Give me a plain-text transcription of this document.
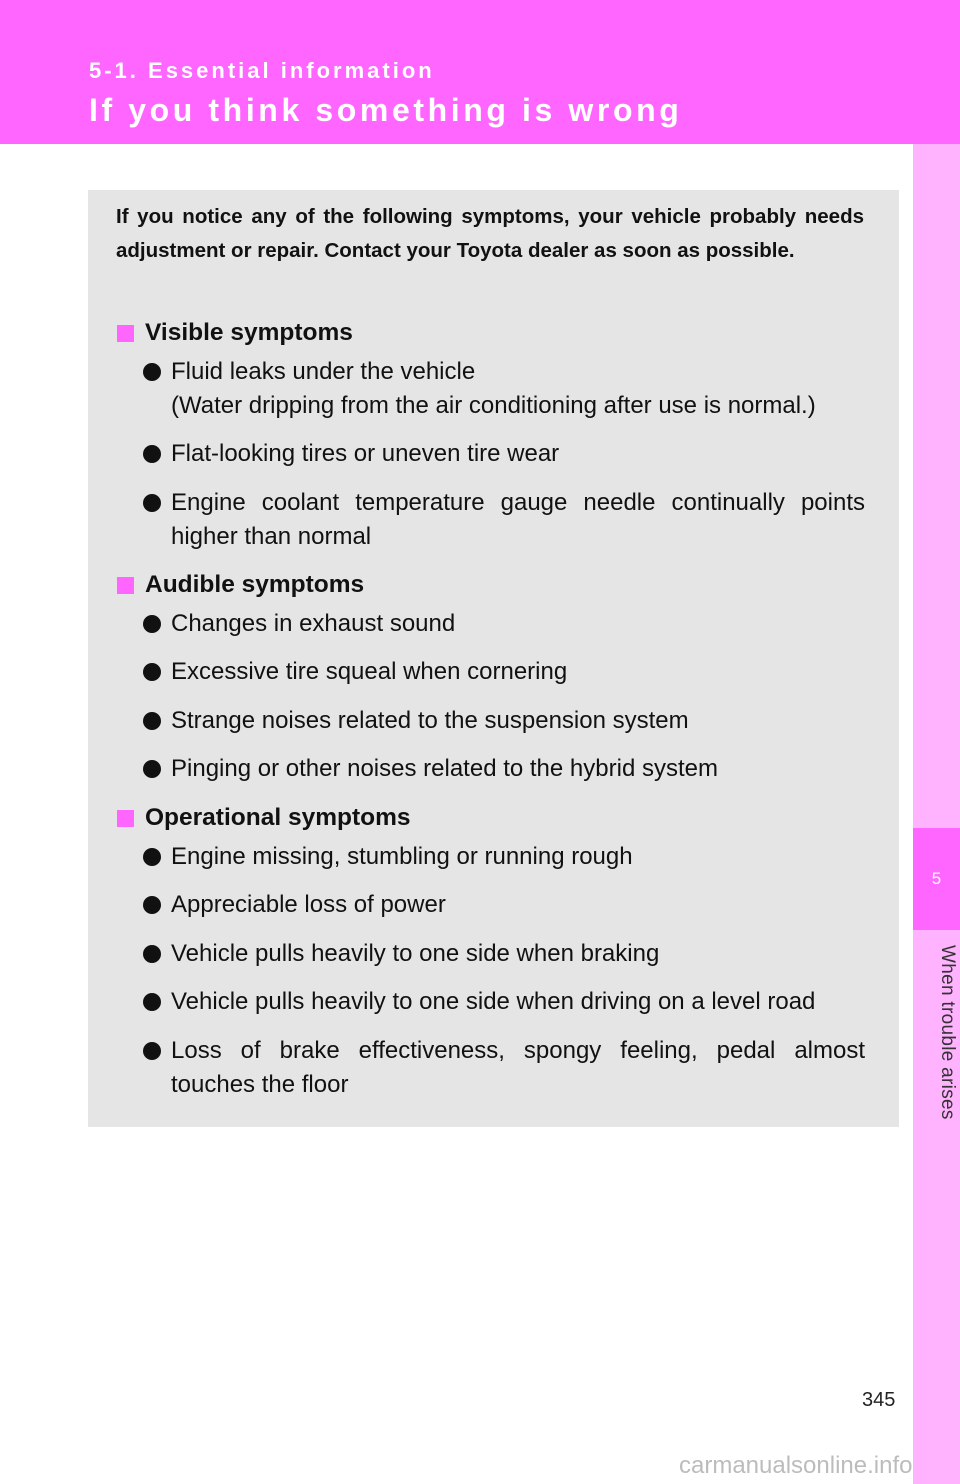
5-1. Essential information
If you think something is wrong
5
When trouble arises

If you notice any of the following symptoms, your vehicle probably needs adjustment or repair. Contact your Toyota dealer as soon as possible.

Visible symptoms
Fluid leaks under the vehicle
(Water dripping from the air conditioning after use is normal.)
Flat-looking tires or uneven tire wear
Engine coolant temperature gauge needle continually points higher than normal
Audible symptoms
Changes in exhaust sound
Excessive tire squeal when cornering
Strange noises related to the suspension system
Pinging or other noises related to the hybrid system
Operational symptoms
Engine missing, stumbling or running rough
Appreciable loss of power
Vehicle pulls heavily to one side when braking
Vehicle pulls heavily to one side when driving on a level road
Loss of brake effectiveness, spongy feeling, pedal almost touches the floor
345
carmanualsonline.info
